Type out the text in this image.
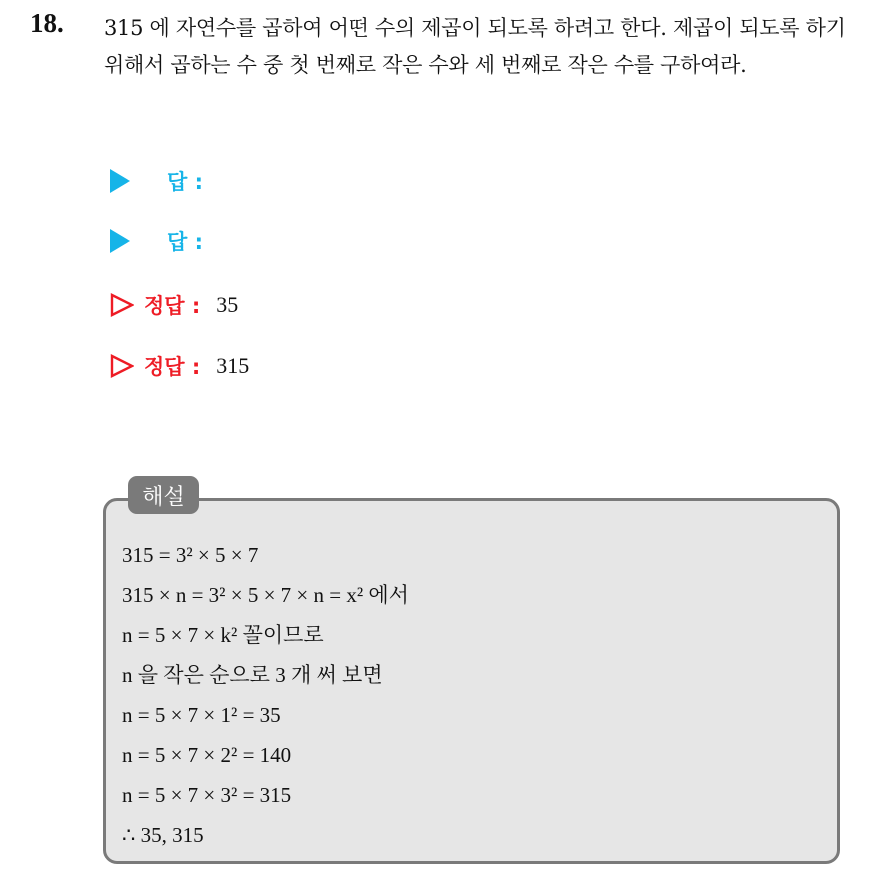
18. 315 에 자연수를 곱하여 어떤 수의 제곱이 되도록 하려고 한다. 제곱이 되도록 하기 위해서 곱하는 수 중 첫 번째로 작은 수와 세 번째로 작은 수를 구하여라.
답 :
답 :
정답 : 35
정답 : 315
해설
315 = 3² × 5 × 7
315 × n = 3² × 5 × 7 × n = x² 에서
n = 5 × 7 × k² 꼴이므로
n 을 작은 순으로 3 개 써 보면
n = 5 × 7 × 1² = 35
n = 5 × 7 × 2² = 140
n = 5 × 7 × 3² = 315
∴ 35, 315
